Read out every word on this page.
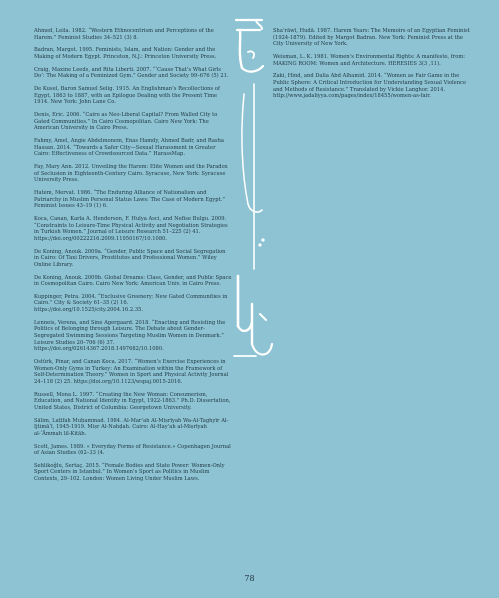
Ahmed, Leila. 1982. “Western Ethnocentrism and Perceptions of the Harem.” Feminist Studies 34–521 (3) 8.

Badran, Margot. 1995. Feminists, Islam, and Nation: Gender and the Making of Modern Egypt. Princeton, N.J.: Princeton University Press.

Craig, Maxine Leeds, and Rita Liberti. 2007. “‘Cause That’s What Girls Do’: The Making of a Feminized Gym.” Gender and Society 99–676 (5) 21.

De Kusel, Baron Samuel Selig. 1915. An Englishman’s Recollections of Egypt, 1863 to 1887, with an Epilogue Dealing with the Present Time 1914. New York: John Lane Co.

Denis, Eric. 2006. “Cairo as Neo-Liberal Capital? From Walled City to Gated Communities.” In Cairo Cosmopolitan. Cairo New York: The American University in Cairo Press.

Fahmy, Amel, Angie Abdelmonem, Enas Hamdy, Ahmed Badr, and Rasha Hassan. 2014. “Towards a Safer City—Sexual Harassment in Greater Cairo: Effectiveness of Crowdsourced Data.” HarassMap.

Fay, Mary Ann. 2012. Unveiling the Harem: Elite Women and the Paradox of Seclusion in Eighteenth-Century Cairo. Syracuse, New York: Syracuse University Press.

Hatem, Mervat. 1986. “The Enduring Alliance of Nationalism and Patriarchy in Muslim Personal Status Laws: The Case of Modern Egypt.” Feminist Issues 43–19 (1) 6.

Koca, Canan, Karla A. Henderson, F. Hulya Asci, and Nefise Bulgu. 2009. “Constraints to Leisure-Time Physical Activity and Negotiation Strategies in Turkish Women.” Journal of Leisure Research 51–225 (2) 41. https://doi.org/00222216.2009.11950167/10.1080.

De Koning, Anouk. 2009a. “Gender, Public Space and Social Segregation in Cairo: Of Taxi Drivers, Prostitutes and Professional Women.” Wiley Online Library.

De Koning, Anouk. 2009b. Global Dreams: Class, Gender, and Public Space in Cosmopolitan Cairo. Cairo New York: American Univ. in Cairo Press.

Kuppinger, Petra. 2004. “Exclusive Greenery: New Gated Communities in Cairo.” City & Society 61–35 (2) 16. https://doi.org/10.1525/city.2004.16.2.35.

Lenneis, Verena, and Sine Agergaard. 2018. “Enacting and Resisting the Politics of Belonging through Leisure. The Debate about Gender-Segregated Swimming Sessions Targeting Muslim Women in Denmark.” Leisure Studies 20–706 (6) 37. https://doi.org/02614367.2018.1497682/10.1080.

Ostürk, Pinar, and Canan Koca. 2017. “Women’s Exercise Experiences in Women-Only Gyms in Turkey: An Examination within the Framework of Self-Determination Theory.” Women in Sport and Physical Activity Journal 24–118 (2) 25. https://doi.org/10.1123/wspaj.0015-2016.

Russell, Mona L. 1997. “Creating the New Woman: Consumerism, Education, and National Identity in Egypt, 1922-1863.” Ph.D. Dissertation, United States, District of Columbia: Georgetown University.

Sālim, Laṭīfah Muḥammad. 1984. Al-Mar’ah Al-Miṣrīyah Wa-Al-Taghyīr Al-Ijtimā‘ī, 1945-1919. Miṣr Al-Nahḍah. Cairo: Al-Hay’ah al-Miṣrīyah al-‘Āmmah lil-Kitāb.

Scott, James. 1989. « Everyday Forms of Resistance.» Copenhagen Journal of Asian Studies (62–33 (4.

Sehlikoğlu, Sertaç. 2015. “Female Bodies and State Power: Women-Only Sport Centers in Istanbul.” In Women’s Sport as Politics in Muslim Contexts, 29–102. London: Women Living Under Muslim Laws.

Sha’rāwī, Hudā. 1987. Harem Years: The Memoirs of an Egyptian Feminist (1924-1879). Edited by Margot Badran. New York: Feminist Press at the City University of New York.

Weisman, L. K. 1981. Women’s Environmental Rights: A manifesto, from: MAKING ROOM: Women and Architecture. HERESIES 3(3 ,11).

Zaki, Hind, and Dalia Abd Alhamid. 2014. “Women as Fair Game in the Public Sphere: A Critical Introduction for Understanding Sexual Violence and Methods of Resistance.” Translated by Vickie Langhor. 2014. http://www.jadaliyya.com/pages/index/18455/women-as-fair.

78
